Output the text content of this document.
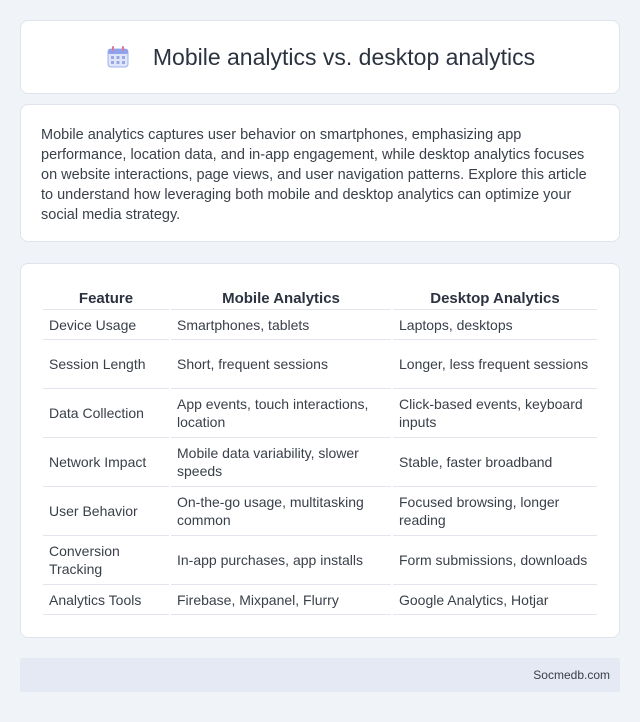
Mobile analytics vs. desktop analytics

Mobile analytics captures user behavior on smartphones, emphasizing app performance, location data, and in-app engagement, while desktop analytics focuses on website interactions, page views, and user navigation patterns. Explore this article to understand how leveraging both mobile and desktop analytics can optimize your social media strategy.

Feature	Mobile Analytics	Desktop Analytics
Device Usage	Smartphones, tablets	Laptops, desktops
Session Length	Short, frequent sessions	Longer, less frequent sessions
Data Collection	App events, touch interactions, location	Click-based events, keyboard inputs
Network Impact	Mobile data variability, slower speeds	Stable, faster broadband
User Behavior	On-the-go usage, multitasking common	Focused browsing, longer reading
Conversion Tracking	In-app purchases, app installs	Form submissions, downloads
Analytics Tools	Firebase, Mixpanel, Flurry	Google Analytics, Hotjar
Socmedb.com
